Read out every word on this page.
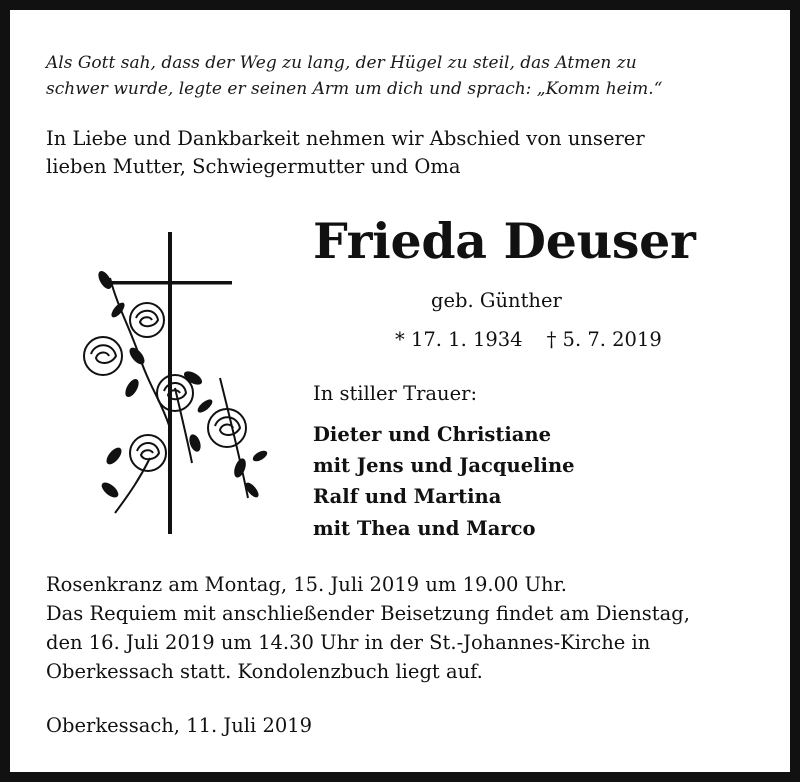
Als Gott sah, dass der Weg zu lang, der Hügel zu steil, das Atmen zu
schwer wurde, legte er seinen Arm um dich und sprach: „Komm heim.“
In Liebe und Dankbarkeit nehmen wir Abschied von unserer
lieben Mutter, Schwiegermutter und Oma
Frieda Deuser
geb. Günther
* 17. 1. 1934 † 5. 7. 2019
In stiller Trauer:
Dieter und Christiane
mit Jens und Jacqueline
Ralf und Martina
mit Thea und Marco
Rosenkranz am Montag, 15. Juli 2019 um 19.00 Uhr.
Das Requiem mit anschließender Beisetzung findet am Dienstag,
den 16. Juli 2019 um 14.30 Uhr in der St.-Johannes-Kirche in
Oberkessach statt. Kondolenzbuch liegt auf.
Oberkessach, 11. Juli 2019
